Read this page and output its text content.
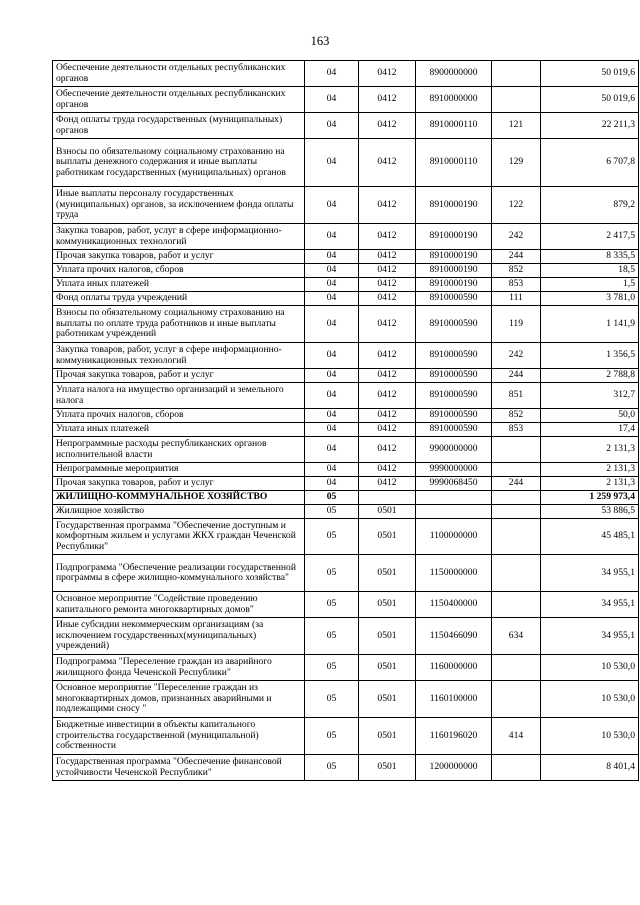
163
Обеспечение деятельности отдельных республиканских органов	04	0412	8900000000		50 019,6
Обеспечение деятельности отдельных республиканских органов	04	0412	8910000000		50 019,6
Фонд оплаты труда государственных (муниципальных) органов	04	0412	8910000110	121	22 211,3
Взносы по обязательному социальному страхованию на выплаты денежного содержания и иные выплаты работникам государственных (муниципальных) органов	04	0412	8910000110	129	6 707,8
Иные выплаты персоналу государственных (муниципальных) органов, за исключением фонда оплаты труда	04	0412	8910000190	122	879,2
Закупка товаров, работ, услуг в сфере информационно-коммуникационных технологий	04	0412	8910000190	242	2 417,5
Прочая закупка товаров, работ и услуг	04	0412	8910000190	244	8 335,5
Уплата прочих налогов, сборов	04	0412	8910000190	852	18,5
Уплата иных платежей	04	0412	8910000190	853	1,5
Фонд оплаты труда учреждений	04	0412	8910000590	111	3 781,0
Взносы по обязательному социальному страхованию на выплаты по оплате труда работников и иные выплаты работникам учреждений	04	0412	8910000590	119	1 141,9
Закупка товаров, работ, услуг в сфере информационно-коммуникационных технологий	04	0412	8910000590	242	1 356,5
Прочая закупка товаров, работ и услуг	04	0412	8910000590	244	2 788,8
Уплата налога на имущество организаций и земельного налога	04	0412	8910000590	851	312,7
Уплата прочих налогов, сборов	04	0412	8910000590	852	50,0
Уплата иных платежей	04	0412	8910000590	853	17,4
Непрограммные расходы республиканских органов исполнительной власти	04	0412	9900000000		2 131,3
Непрограммные мероприятия	04	0412	9990000000		2 131,3
Прочая закупка товаров, работ и услуг	04	0412	9990068450	244	2 131,3
ЖИЛИЩНО-КОММУНАЛЬНОЕ ХОЗЯЙСТВО	05				1 259 973,4
Жилищное хозяйство	05	0501			53 886,5
Государственная программа "Обеспечение доступным и комфортным жильем и услугами ЖКХ граждан Чеченской Республики"	05	0501	1100000000		45 485,1
Подпрограмма "Обеспечение реализации государственной программы в сфере жилищно-коммунального хозяйства"	05	0501	1150000000		34 955,1
Основное мероприятие "Содействие проведению капитального ремонта многоквартирных домов"	05	0501	1150400000		34 955,1
Иные субсидии некоммерческим организациям (за исключением государственных(муниципальных) учреждений)	05	0501	1150466090	634	34 955,1
Подпрограмма "Переселение граждан из аварийного жилищного фонда Чеченской Республики"	05	0501	1160000000		10 530,0
Основное мероприятие "Переселение граждан из многоквартирных домов, признанных аварийными и подлежащими сносу "	05	0501	1160100000		10 530,0
Бюджетные инвестиции в объекты капитального строительства государственной (муниципальной) собственности	05	0501	1160196020	414	10 530,0
Государственная программа "Обеспечение финансовой устойчивости Чеченской Республики"	05	0501	1200000000		8 401,4
